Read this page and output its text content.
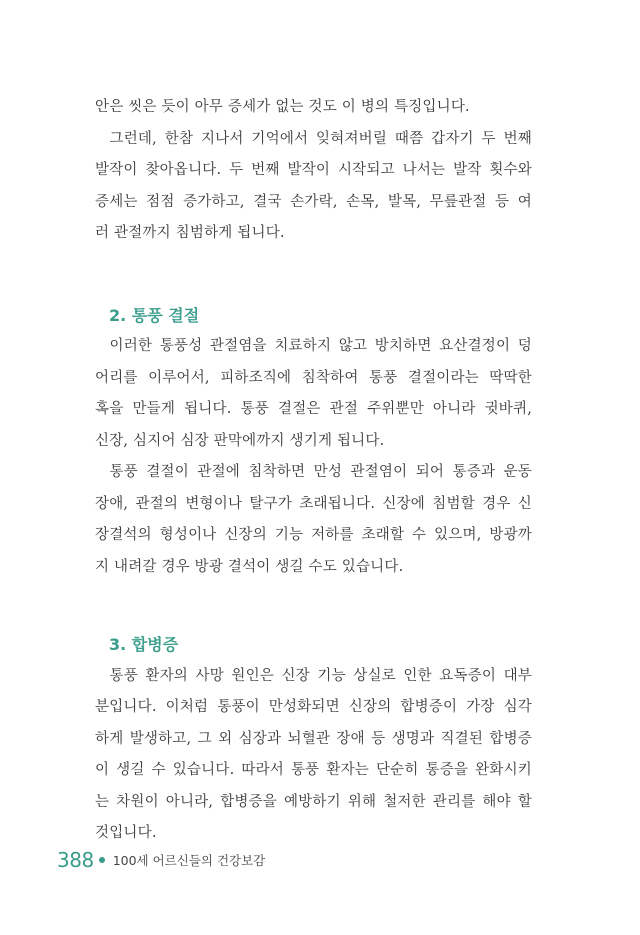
안은 씻은 듯이 아무 증세가 없는 것도 이 병의 특징입니다.

그런데, 한참 지나서 기억에서 잊혀져버릴 때쯤 갑자기 두 번째

발작이 찾아옵니다. 두 번째 발작이 시작되고 나서는 발작 횟수와

증세는 점점 증가하고, 결국 손가락, 손목, 발목, 무릎관절 등 여

러 관절까지 침범하게 됩니다.

2. 통풍 결절

이러한 통풍성 관절염을 치료하지 않고 방치하면 요산결정이 덩

어리를 이루어서, 피하조직에 침착하여 통풍 결절이라는 딱딱한

혹을 만들게 됩니다. 통풍 결절은 관절 주위뿐만 아니라 귓바퀴,

신장, 심지어 심장 판막에까지 생기게 됩니다.

통풍 결절이 관절에 침착하면 만성 관절염이 되어 통증과 운동

장애, 관절의 변형이나 탈구가 초래됩니다. 신장에 침범할 경우 신

장결석의 형성이나 신장의 기능 저하를 초래할 수 있으며, 방광까

지 내려갈 경우 방광 결석이 생길 수도 있습니다.

3. 합병증

통풍 환자의 사망 원인은 신장 기능 상실로 인한 요독증이 대부

분입니다. 이처럼 통풍이 만성화되면 신장의 합병증이 가장 심각

하게 발생하고, 그 외 심장과 뇌혈관 장애 등 생명과 직결된 합병증

이 생길 수 있습니다. 따라서 통풍 환자는 단순히 통증을 완화시키

는 차원이 아니라, 합병증을 예방하기 위해 철저한 관리를 해야 할

것입니다.

388 100세 어르신들의 건강보감
